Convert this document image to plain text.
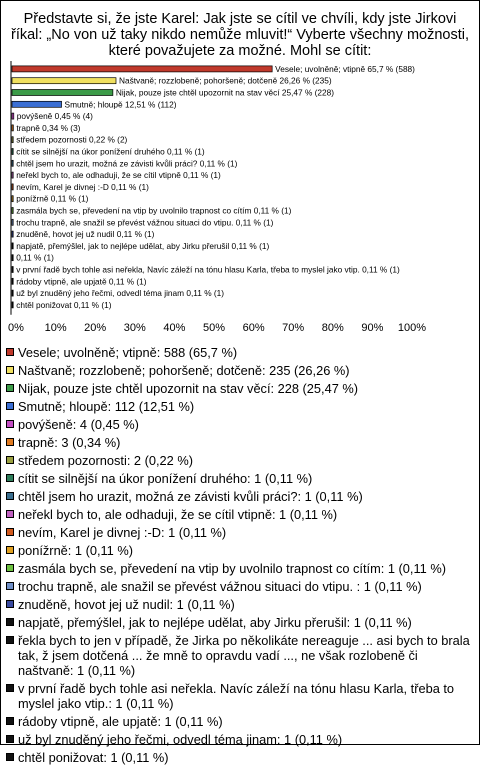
Představte si, že jste Karel: Jak jste se cítil ve chvíli, kdy jste Jirkovi říkal: „No von už taky nikdo nemůže mluvit!“ Vyberte všechny možnosti, které považujete za možné. Mohl se cítit:
Vesele; uvolněně; vtipně 65,7 % (588)
Naštvaně; rozzlobeně; pohoršeně; dotčeně 26,26 % (235)
Nijak, pouze jste chtěl upozornit na stav věcí 25,47 % (228)
Smutně; hloupě 12,51 % (112)
povýšeně 0,45 % (4)
trapně 0,34 % (3)
středem pozornosti 0,22 % (2)
cítit se silnější na úkor ponížení druhého 0,11 % (1)
chtěl jsem ho urazit, možná ze závisti kvůli práci? 0,11 % (1)
neřekl bych to, ale odhaduji, že se cítil vtipně 0,11 % (1)
nevím, Karel je divnej :-D 0,11 % (1)
ponížrně 0,11 % (1)
zasmála bych se, převedení na vtip by uvolnilo trapnost co cítím 0,11 % (1)
trochu trapně, ale snažil se převést vážnou situaci do vtipu. 0,11 % (1)
znuděně, hovot jej už nudil 0,11 % (1)
napjatě, přemýšlel, jak to nejlépe udělat, aby Jirku přerušil 0,11 % (1)
0,11 % (1)
v první řadě bych tohle asi neřekla, Navíc záleží na tónu hlasu Karla, třeba to myslel jako vtip. 0,11 % (1)
rádoby vtipně, ale upjatě 0,11 % (1)
už byl znuděný jeho řečmi, odvedl téma jinam 0,11 % (1)
chtěl ponižovat 0,11 % (1)
0% 10% 20% 30% 40% 50% 60% 70% 80% 90% 100%
Vesele; uvolněně; vtipně: 588 (65,7 %)
Naštvaně; rozzlobeně; pohoršeně; dotčeně: 235 (26,26 %)
Nijak, pouze jste chtěl upozornit na stav věcí: 228 (25,47 %)
Smutně; hloupě: 112 (12,51 %)
povýšeně: 4 (0,45 %)
trapně: 3 (0,34 %)
středem pozornosti: 2 (0,22 %)
cítit se silnější na úkor ponížení druhého: 1 (0,11 %)
chtěl jsem ho urazit, možná ze závisti kvůli práci?: 1 (0,11 %)
neřekl bych to, ale odhaduji, že se cítil vtipně: 1 (0,11 %)
nevím, Karel je divnej :-D: 1 (0,11 %)
ponížrně: 1 (0,11 %)
zasmála bych se, převedení na vtip by uvolnilo trapnost co cítím: 1 (0,11 %)
trochu trapně, ale snažil se převést vážnou situaci do vtipu. : 1 (0,11 %)
znuděně, hovot jej už nudil: 1 (0,11 %)
napjatě, přemýšlel, jak to nejlépe udělat, aby Jirku přerušil: 1 (0,11 %)
řekla bych to jen v případě, že Jirka po několikáte nereaguje ... asi bych to brala tak, ž jsem dotčená ... že mně to opravdu vadí ..., ne však rozlobeně či naštvaně: 1 (0,11 %)
v první řadě bych tohle asi neřekla. Navíc záleží na tónu hlasu Karla, třeba to myslel jako vtip.: 1 (0,11 %)
rádoby vtipně, ale upjatě: 1 (0,11 %)
už byl znuděný jeho řečmi, odvedl téma jinam: 1 (0,11 %)
chtěl ponižovat: 1 (0,11 %)
